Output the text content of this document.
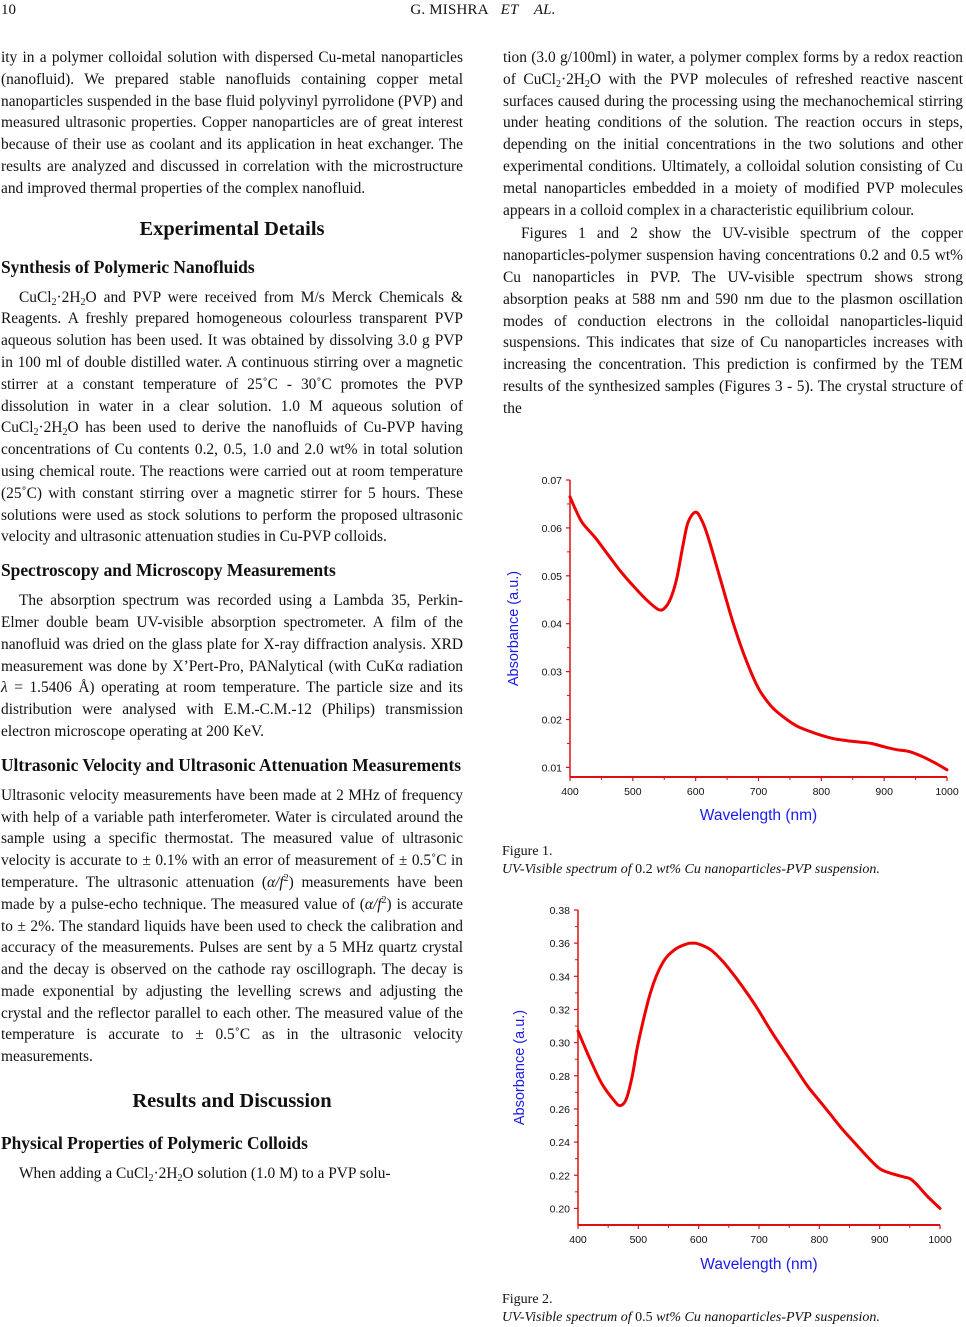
10	G. MISHRA ET    AL.

ity in a polymer colloidal solution with dispersed Cu-metal nanoparticles (nanofluid). We prepared stable nanofluids containing copper metal nanoparticles suspended in the base fluid polyvinyl pyrrolidone (PVP) and measured ultrasonic properties. Copper nanoparticles are of great interest because of their use as coolant and its application in heat exchanger. The results are analyzed and discussed in correlation with the microstructure and improved thermal properties of the complex nanofluid.

Experimental Details
Synthesis of Polymeric Nanofluids

$CuCl_2\cdot 2H_2O$ and PVP were received from M/s Merck Chemicals & Reagents. A freshly prepared homogeneous colourless transparent PVP aqueous solution has been used. It was obtained by dissolving 3.0 g PVP in 100 ml of double distilled water. A continuous stirring over a magnetic stirrer at a constant temperature of 25˚C - 30˚C promotes the PVP dissolution in water in a clear solution. 1.0 M aqueous solution of $CuCl_2\cdot 2H_2O$ has been used to derive the nanofluids of Cu-PVP having concentrations of Cu contents 0.2, 0.5, 1.0 and 2.0 wt% in total solution using chemical route. The reactions were carried out at room temperature (25˚C) with constant stirring over a magnetic stirrer for 5 hours. These solutions were used as stock solutions to perform the proposed ultrasonic velocity and ultrasonic attenuation studies in Cu-PVP colloids.

Spectroscopy and Microscopy Measurements

The absorption spectrum was recorded using a Lambda 35, Perkin-Elmer double beam UV-visible absorption spectrometer. A film of the nanofluid was dried on the glass plate for X-ray diffraction analysis. XRD measurement was done by X’Pert-Pro, PANalytical (with CuKα radiation λ = 1.5406 Å) operating at room temperature. The particle size and its distribution were analysed with E.M.-C.M.-12 (Philips) transmission electron microscope operating at 200 KeV.

Ultrasonic Velocity and Ultrasonic Attenuation Measurements

Ultrasonic velocity measurements have been made at 2 MHz of frequency with help of a variable path interferometer. Water is circulated around the sample using a specific thermostat. The measured value of ultrasonic velocity is accurate to ± 0.1% with an error of measurement of ± 0.5˚C in temperature. The ultrasonic attenuation $(\alpha/f^2)$ measurements have been made by a pulse-echo technique. The measured value of $(\alpha/f^2)$ is accurate to ± 2%. The standard liquids have been used to check the calibration and accuracy of the measurements. Pulses are sent by a 5 MHz quartz crystal and the decay is observed on the cathode ray oscillograph. The decay is made exponential by adjusting the levelling screws and adjusting the crystal and the reflector parallel to each other. The measured value of the temperature is accurate to ± 0.5˚C as in the ultrasonic velocity measurements.

Results and Discussion
Physical Properties of Polymeric Colloids

When adding a $CuCl_2\cdot 2H_2O$ solution (1.0 M) to a PVP solu-

tion (3.0 g/100ml) in water, a polymer complex forms by a redox reaction of $CuCl_2\cdot 2H_2O$ with the PVP molecules of refreshed reactive nascent surfaces caused during the processing using the mechanochemical stirring under heating conditions of the solution. The reaction occurs in steps, depending on the initial concentrations in the two solutions and other experimental conditions. Ultimately, a colloidal solution consisting of Cu metal nanoparticles embedded in a moiety of modified PVP molecules appears in a colloid complex in a characteristic equilibrium colour.

Figures 1 and 2 show the UV-visible spectrum of the copper nanoparticles-polymer suspension having concentrations 0.2 and 0.5 wt% Cu nanoparticles in PVP. The UV-visible spectrum shows strong absorption peaks at 588 nm and 590 nm due to the plasmon oscillation modes of conduction electrons in the colloidal nanoparticles-liquid suspensions. This indicates that size of Cu nanoparticles increases with increasing the concentration. This prediction is confirmed by the TEM results of the synthesized samples (Figures 3 - 5). The crystal structure of the

0.01
0.02
0.03
0.04
0.05
0.06
0.07
400	500	600	700	800	900	1000
Wavelength (nm)
Absorbance (a.u.)
Figure 1.
UV-Visible spectrum of 0.2 wt% Cu nanoparticles-PVP suspension.
0.20
0.22
0.24
0.26
0.28
0.30
0.32
0.34
0.36
0.38
400	500	600	700	800	900	1000
Wavelength (nm)
Absorbance (a.u.)
Figure 2.
UV-Visible spectrum of 0.5 wt% Cu nanoparticles-PVP suspension.
